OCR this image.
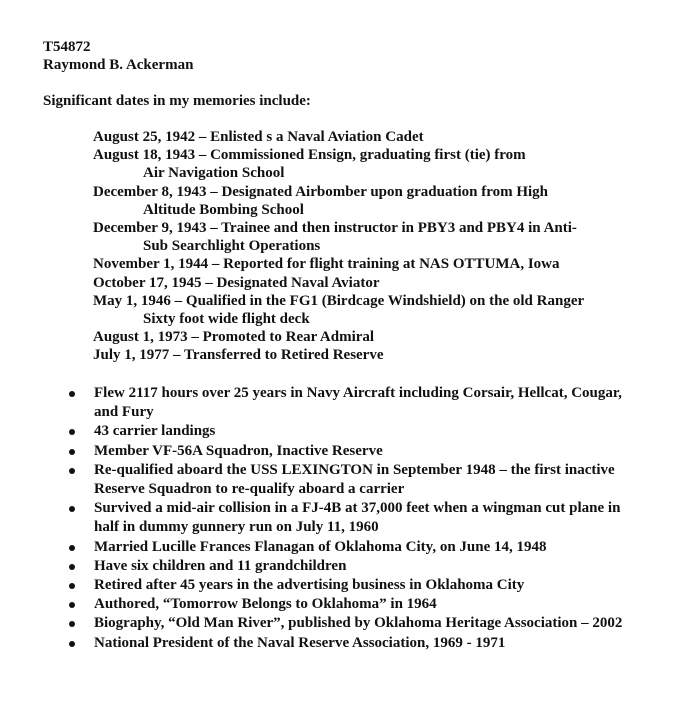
T54872
Raymond B. Ackerman
Significant dates in my memories include:
August 25, 1942 – Enlisted s a Naval Aviation Cadet
August 18, 1943 – Commissioned Ensign, graduating first (tie) from
Air Navigation School
December 8, 1943 – Designated Airbomber upon graduation from High
Altitude Bombing School
December 9, 1943 – Trainee and then instructor in PBY3 and PBY4 in Anti-
Sub Searchlight Operations
November 1, 1944 – Reported for flight training at NAS OTTUMA, Iowa
October 17, 1945 – Designated Naval Aviator
May 1, 1946 – Qualified in the FG1 (Birdcage Windshield) on the old Ranger
Sixty foot wide flight deck
August 1, 1973 – Promoted to Rear Admiral
July 1, 1977 – Transferred to Retired Reserve
Flew 2117 hours over 25 years in Navy Aircraft including Corsair, Hellcat, Cougar, and Fury
43 carrier landings
Member VF-56A Squadron, Inactive Reserve
Re-qualified aboard the USS LEXINGTON in September 1948 – the first inactive Reserve Squadron to re-qualify aboard a carrier
Survived a mid-air collision in a FJ-4B at 37,000 feet when a wingman cut plane in half in dummy gunnery run on July 11, 1960
Married Lucille Frances Flanagan of Oklahoma City, on June 14, 1948
Have six children and 11 grandchildren
Retired after 45 years in the advertising business in Oklahoma City
Authored, “Tomorrow Belongs to Oklahoma” in 1964
Biography, “Old Man River”, published by Oklahoma Heritage Association – 2002
National President of the Naval Reserve Association, 1969 - 1971
